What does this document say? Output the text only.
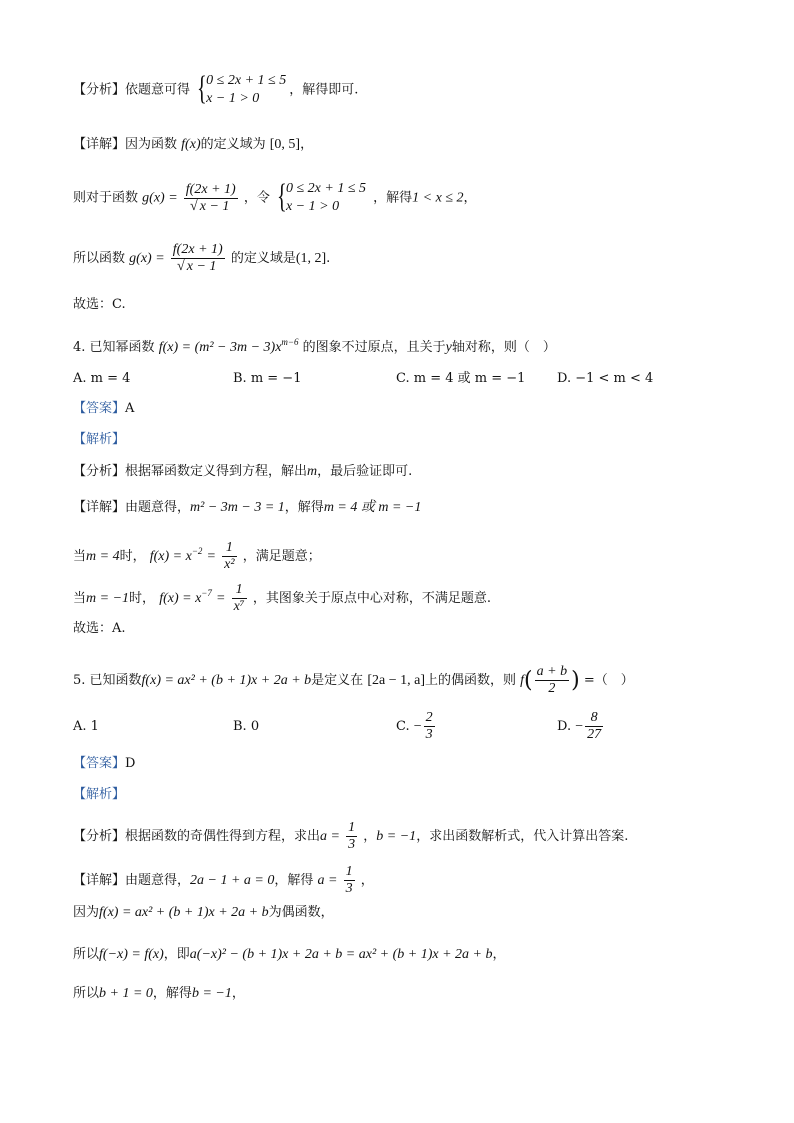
【分析】依题意可得 { 0 ≤ 2x + 1 ≤ 5
x − 1 > 0
，解得即可.
【详解】因为函数 f(x)的定义域为 [0, 5]，
则对于函数 $g(x) = \frac{f(2x + 1)}{√ x - 1}$ ，令 { 0 ≤ 2x + 1 ≤ 5
x − 1 > 0
，解得1 < x ≤ 2，
所以函数 $g(x) = \frac{f(2x + 1)}{√ x - 1}$ 的定义域是(1, 2].
故选：C.
4. 已知幂函数 $f(x) = (m^2 - 3m - 3)x^{m-6}$ 的图象不过原点，且关于y轴对称，则（　）
A. m = 4	B. m = −1	C. m = 4 或 m = −1 D. −1 < m < 4
【答案】A
【解析】
【分析】根据幂函数定义得到方程，解出m，最后验证即可.
【详解】由题意得，m² − 3m − 3 = 1，解得m = 4 或 m = −1
当m = 4时， $f(x) = x^{-2} = \frac{1}{\text{x²}}$ ，满足题意；
当m = −1时， $f(x) = x^{-7} = \frac{1}{\text{x⁷}}$ ，其图象关于原点中心对称，不满足题意.
故选：A.
5. 已知函数f(x) = ax² + (b + 1)x + 2a + b是定义在 [2a − 1, a]上的偶函数，则 $f( \frac{a + b}{2}$ ) =（　）
A. 1	B. 0	C. − $\frac{2}{3}$	D. − $\frac{8}{27}$
【答案】D
【解析】
【分析】根据函数的奇偶性得到方程，求出$a = \frac{1}{3}$ ，b = −1，求出函数解析式，代入计算出答案.
【详解】由题意得，2a − 1 + a = 0，解得 $a = \frac{1}{3}$ ，
因为f(x) = ax² + (b + 1)x + 2a + b为偶函数，
所以f(−x) = f(x)，即a(−x)² − (b + 1)x + 2a + b = ax² + (b + 1)x + 2a + b，
所以b + 1 = 0，解得b = −1，
